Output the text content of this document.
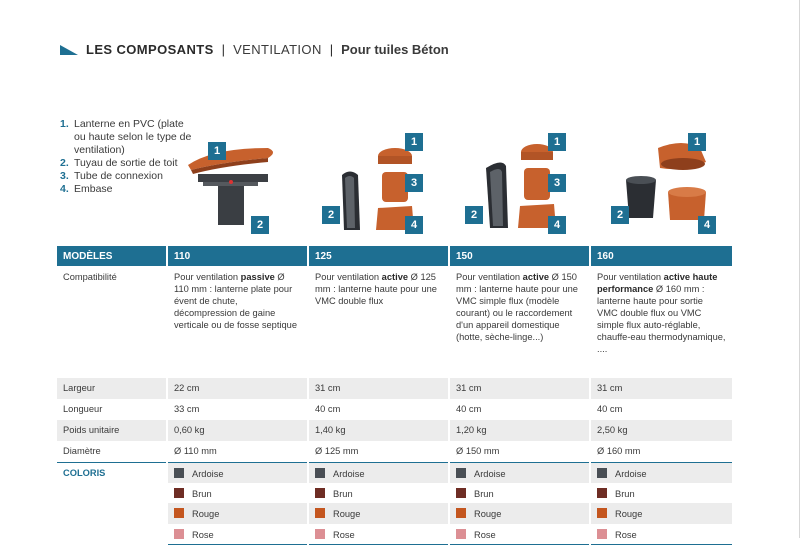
LES COMPOSANTS | VENTILATION | Pour tuiles Béton
1. Lanterne en PVC (plate ou haute selon le type de ventilation)
2. Tuyau de sortie de toit
3. Tube de connexion
4. Embase
1
2
1
3
2
4
1
3
2
4
1
2
4
MODÈLES	110	125	150	160
Compatibilité	Pour ventilation passive Ø 110 mm : lanterne plate pour évent de chute, décompression de gaine verticale ou de fosse septique	Pour ventilation active Ø 125 mm : lanterne haute pour une VMC double flux	Pour ventilation active Ø 150 mm : lanterne haute pour une VMC simple flux (modèle courant) ou le raccordement d'un appareil domestique (hotte, sèche-linge...)	Pour ventilation active haute performance Ø 160 mm : lanterne haute pour sortie VMC double flux ou VMC simple flux auto-réglable, chauffe-eau thermodynamique, ....
Largeur	22 cm	31 cm	31 cm	31 cm
Longueur	33 cm	40 cm	40 cm	40 cm
Poids unitaire	0,60 kg	1,40 kg	1,20 kg	2,50 kg
Diamètre	Ø 110 mm	Ø 125 mm	Ø 150 mm	Ø 160 mm
COLORIS	Ardoise	Ardoise	Ardoise	Ardoise
	Brun	Brun	Brun	Brun
	Rouge	Rouge	Rouge	Rouge
	Rose	Rose	Rose	Rose
